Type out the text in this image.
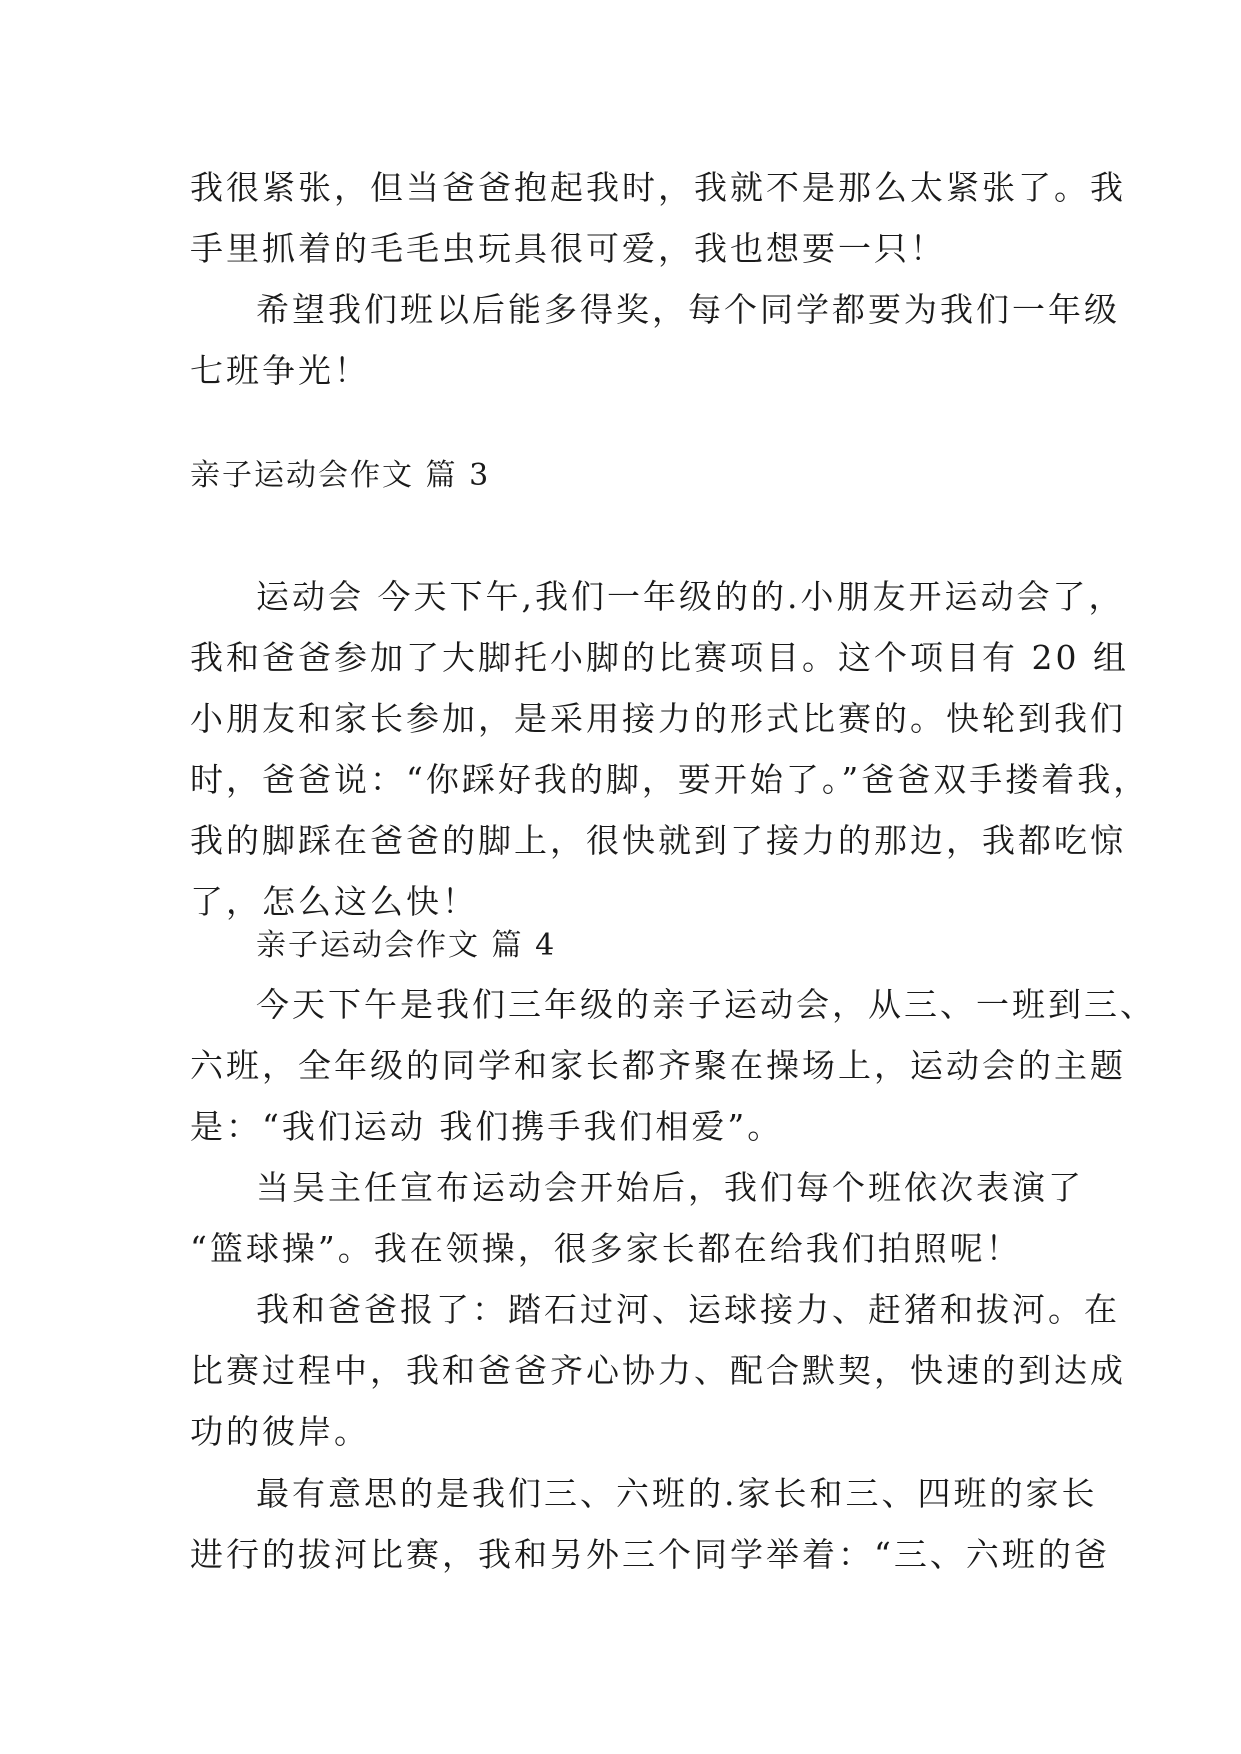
我很紧张，但当爸爸抱起我时，我就不是那么太紧张了。我
手里抓着的毛毛虫玩具很可爱，我也想要一只！
希望我们班以后能多得奖，每个同学都要为我们一年级
七班争光！
亲子运动会作文 篇 3
运动会 今天下午,我们一年级的的.小朋友开运动会了，
我和爸爸参加了大脚托小脚的比赛项目。这个项目有 20 组
小朋友和家长参加，是采用接力的形式比赛的。快轮到我们
时，爸爸说：“你踩好我的脚，要开始了。”爸爸双手搂着我，
我的脚踩在爸爸的脚上，很快就到了接力的那边，我都吃惊
了，怎么这么快！
亲子运动会作文 篇 4
今天下午是我们三年级的亲子运动会，从三、一班到三、
六班，全年级的同学和家长都齐聚在操场上，运动会的主题
是：“我们运动 我们携手我们相爱”。
当吴主任宣布运动会开始后，我们每个班依次表演了
“篮球操”。我在领操，很多家长都在给我们拍照呢！
我和爸爸报了：踏石过河、运球接力、赶猪和拔河。在
比赛过程中，我和爸爸齐心协力、配合默契，快速的到达成
功的彼岸。
最有意思的是我们三、六班的.家长和三、四班的家长
进行的拔河比赛，我和另外三个同学举着：“三、六班的爸
